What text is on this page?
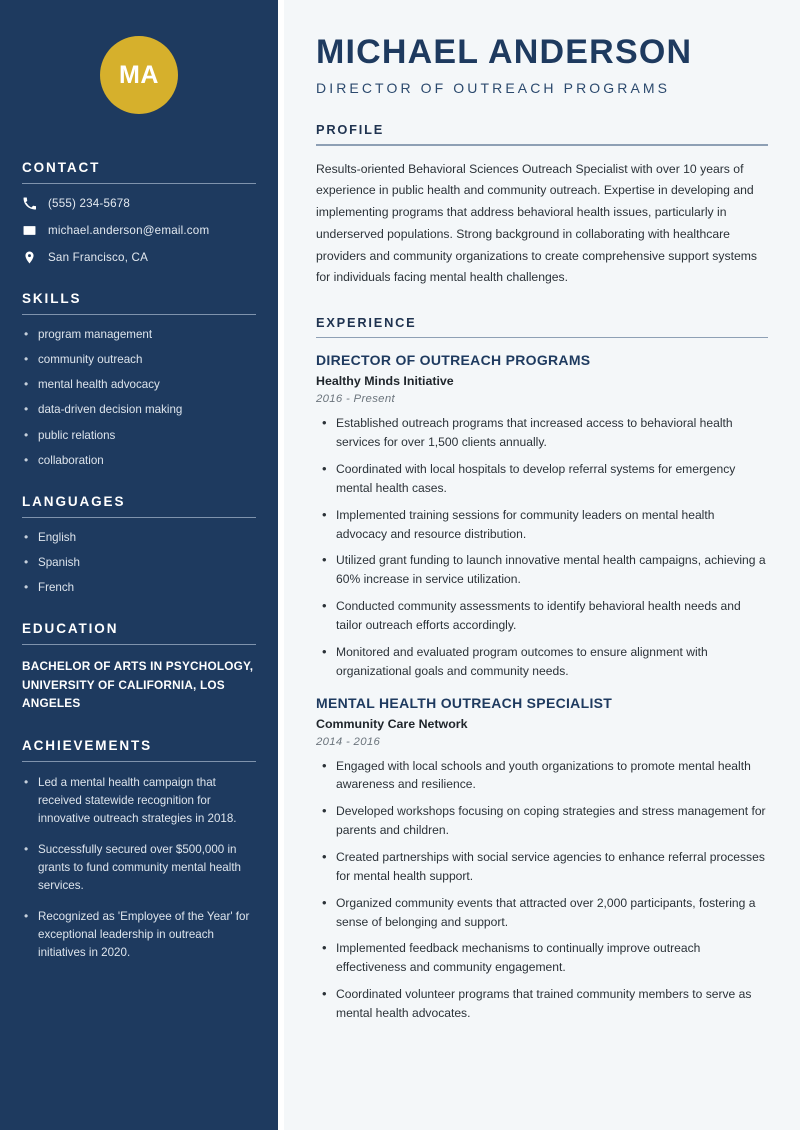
MA
CONTACT
(555) 234-5678
michael.anderson@email.com
San Francisco, CA
SKILLS
• program management
• community outreach
• mental health advocacy
• data-driven decision making
• public relations
• collaboration
LANGUAGES
• English
• Spanish
• French
EDUCATION
BACHELOR OF ARTS IN PSYCHOLOGY, UNIVERSITY OF CALIFORNIA, LOS ANGELES
ACHIEVEMENTS
• Led a mental health campaign that received statewide recognition for innovative outreach strategies in 2018.
• Successfully secured over $500,000 in grants to fund community mental health services.
• Recognized as 'Employee of the Year' for exceptional leadership in outreach initiatives in 2020.
MICHAEL ANDERSON
DIRECTOR OF OUTREACH PROGRAMS
PROFILE

Results-oriented Behavioral Sciences Outreach Specialist with over 10 years of experience in public health and community outreach. Expertise in developing and implementing programs that address behavioral health issues, particularly in underserved populations. Strong background in collaborating with healthcare providers and community organizations to create comprehensive support systems for individuals facing mental health challenges.

EXPERIENCE
DIRECTOR OF OUTREACH PROGRAMS
Healthy Minds Initiative
2016 - Present
• Established outreach programs that increased access to behavioral health services for over 1,500 clients annually.
• Coordinated with local hospitals to develop referral systems for emergency mental health cases.
• Implemented training sessions for community leaders on mental health advocacy and resource distribution.
• Utilized grant funding to launch innovative mental health campaigns, achieving a 60% increase in service utilization.
• Conducted community assessments to identify behavioral health needs and tailor outreach efforts accordingly.
• Monitored and evaluated program outcomes to ensure alignment with organizational goals and community needs.
MENTAL HEALTH OUTREACH SPECIALIST
Community Care Network
2014 - 2016
• Engaged with local schools and youth organizations to promote mental health awareness and resilience.
• Developed workshops focusing on coping strategies and stress management for parents and children.
• Created partnerships with social service agencies to enhance referral processes for mental health support.
• Organized community events that attracted over 2,000 participants, fostering a sense of belonging and support.
• Implemented feedback mechanisms to continually improve outreach effectiveness and community engagement.
• Coordinated volunteer programs that trained community members to serve as mental health advocates.
